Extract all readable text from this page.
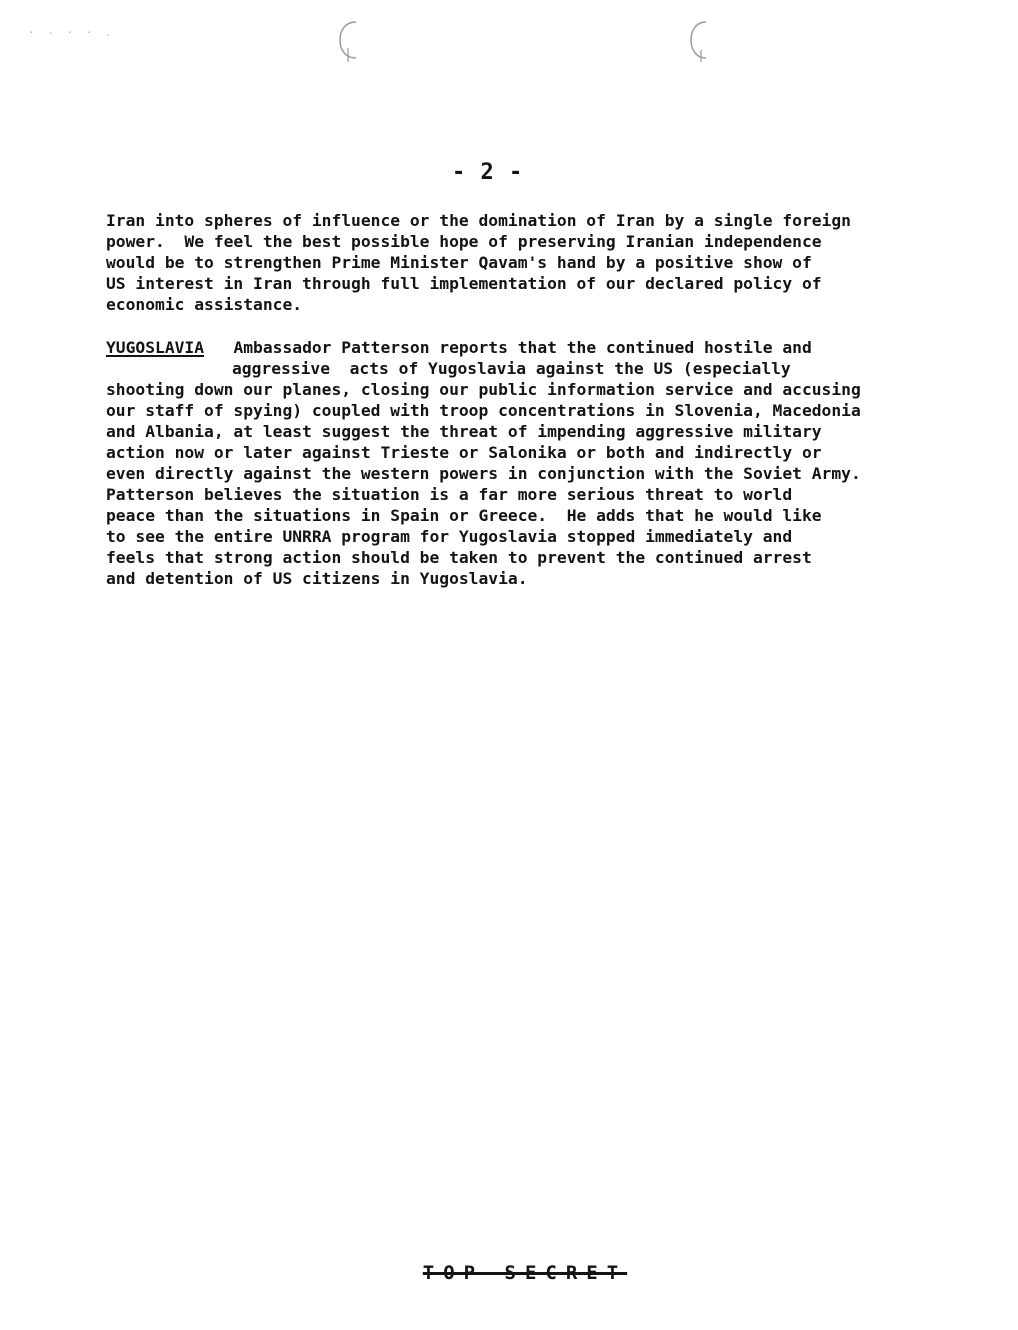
· - · · .
- 2 -
Iran into spheres of influence or the domination of Iran by a single foreign
power.  We feel the best possible hope of preserving Iranian independence
would be to strengthen Prime Minister Qavam's hand by a positive show of
US interest in Iran through full implementation of our declared policy of
economic assistance.
YUGOSLAVIA Ambassador Patterson reports that the continued hostile and
aggressive  acts of Yugoslavia against the US (especially
shooting down our planes, closing our public information service and accusing
our staff of spying) coupled with troop concentrations in Slovenia, Macedonia
and Albania, at least suggest the threat of impending aggressive military
action now or later against Trieste or Salonika or both and indirectly or
even directly against the western powers in conjunction with the Soviet Army.
Patterson believes the situation is a far more serious threat to world
peace than the situations in Spain or Greece.  He adds that he would like
to see the entire UNRRA program for Yugoslavia stopped immediately and
feels that strong action should be taken to prevent the continued arrest
and detention of US citizens in Yugoslavia.
TOP SECRET
